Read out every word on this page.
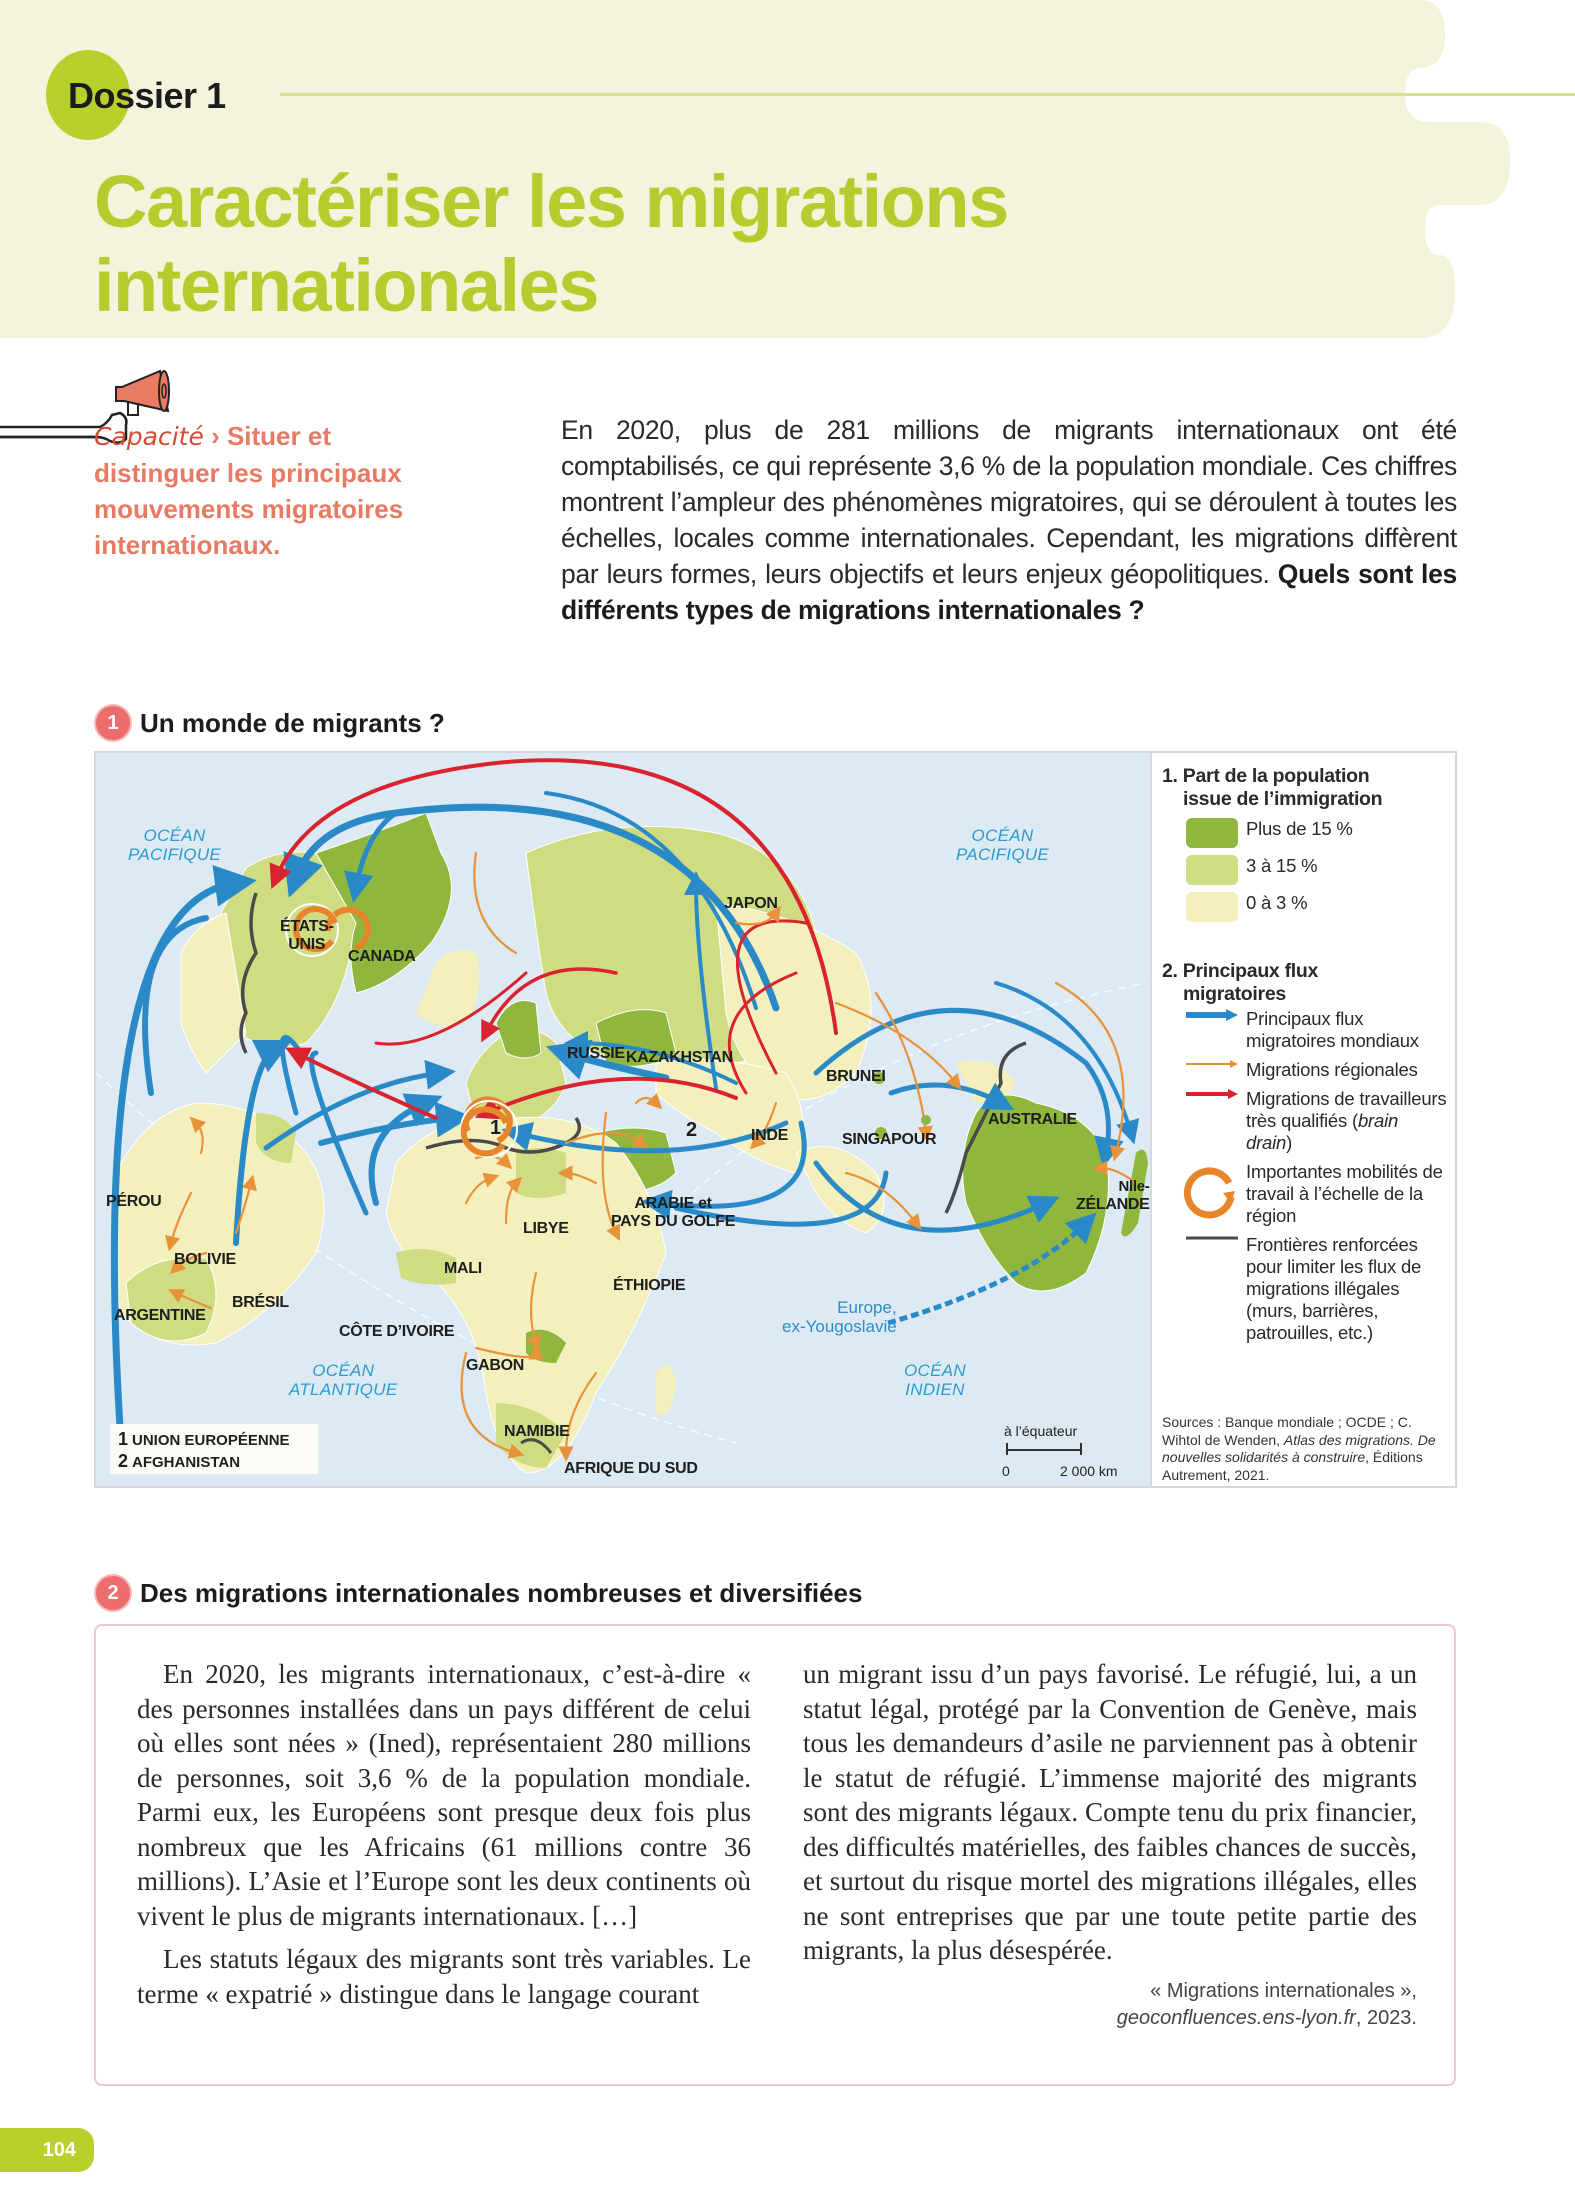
Dossier 1
Caractériser les migrations
internationales
Capacité › Situer et distinguer les principaux mouvements migratoires internationaux.
En 2020, plus de 281 millions de migrants internationaux ont été comptabilisés, ce qui représente 3,6 % de la population mondiale. Ces chiffres montrent l’ampleur des phénomènes migratoires, qui se déroulent à toutes les échelles, locales comme internationales. Cependant, les migrations diffèrent par leurs formes, leurs objectifs et leurs enjeux géopolitiques. Quels sont les différents types de migrations internationales ?
1 Un monde de migrants ?
OCÉAN
PACIFIQUE
OCÉAN
PACIFIQUE
OCÉAN
ATLANTIQUE
OCÉAN
INDIEN
ÉTATS-
UNIS
CANADA
RUSSIE KAZAKHSTAN
JAPON
BRUNEI
INDE	SINGAPOUR
AUSTRALIE
Nlle-
ZÉLANDE
PÉROU
BOLIVIE
BRÉSIL
ARGENTINE
CÔTE D’IVOIRE
MALI
LIBYE
ARABIE et
PAYS DU GOLFE
ÉTHIOPIE
GABON
NAMIBIE
AFRIQUE DU SUD
1	2
Europe,
ex-Yougoslavie
1 UNION EUROPÉENNE
2 AFGHANISTAN
à l’équateur
0	2 000 km
1. Part de la population
issue de l’immigration
Plus de 15 %
3 à 15 %
0 à 3 %
2. Principaux flux
migratoires
Principaux flux migratoires mondiaux
Migrations régionales
Migrations de travailleurs très qualifiés (brain drain)
Importantes mobilités de travail à l’échelle de la région
Frontières renforcées pour limiter les flux de migrations illégales (murs, barrières, patrouilles, etc.)
Sources : Banque mondiale ; OCDE ; C. Wihtol de Wenden, Atlas des migrations. De nouvelles solidarités à construire, Éditions Autrement, 2021.
2 Des migrations internationales nombreuses et diversifiées

En 2020, les migrants internationaux, c’est-à-dire « des personnes installées dans un pays différent de celui où elles sont nées » (Ined), représentaient 280 millions de personnes, soit 3,6 % de la population mondiale. Parmi eux, les Européens sont presque deux fois plus nombreux que les Africains (61 millions contre 36 millions). L’Asie et l’Europe sont les deux continents où vivent le plus de migrants internationaux. […]

Les statuts légaux des migrants sont très variables. Le terme « expatrié » distingue dans le langage courant

un migrant issu d’un pays favorisé. Le réfugié, lui, a un statut légal, protégé par la Convention de Genève, mais tous les demandeurs d’asile ne parviennent pas à obtenir le statut de réfugié. L’immense majorité des migrants sont des migrants légaux. Compte tenu du prix financier, des difficultés matérielles, des faibles chances de succès, et surtout du risque mortel des migrations illégales, elles ne sont entreprises que par une toute petite partie des migrants, la plus désespérée.

« Migrations internationales »,
geoconfluences.ens-lyon.fr, 2023.
104
